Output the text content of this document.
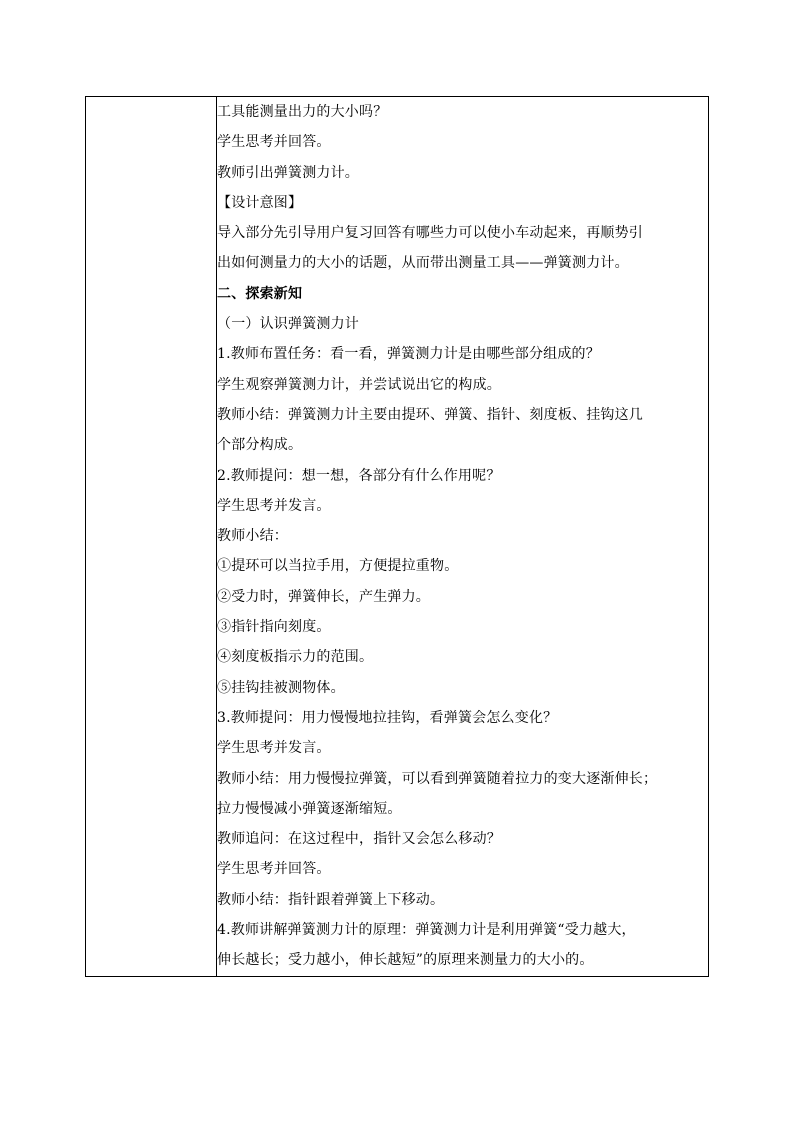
工具能测量出力的大小吗？
学生思考并回答。
教师引出弹簧测力计。
【设计意图】
导入部分先引导用户复习回答有哪些力可以使小车动起来，再顺势引
出如何测量力的大小的话题，从而带出测量工具——弹簧测力计。
二、探索新知
（一）认识弹簧测力计
1.教师布置任务：看一看，弹簧测力计是由哪些部分组成的？
学生观察弹簧测力计，并尝试说出它的构成。
教师小结：弹簧测力计主要由提环、弹簧、指针、刻度板、挂钩这几
个部分构成。
2.教师提问：想一想，各部分有什么作用呢？
学生思考并发言。
教师小结：
①提环可以当拉手用，方便提拉重物。
②受力时，弹簧伸长，产生弹力。
③指针指向刻度。
④刻度板指示力的范围。
⑤挂钩挂被测物体。
3.教师提问：用力慢慢地拉挂钩，看弹簧会怎么变化？
学生思考并发言。
教师小结：用力慢慢拉弹簧，可以看到弹簧随着拉力的变大逐渐伸长；
拉力慢慢减小弹簧逐渐缩短。
教师追问：在这过程中，指针又会怎么移动？
学生思考并回答。
教师小结：指针跟着弹簧上下移动。
4.教师讲解弹簧测力计的原理：弹簧测力计是利用弹簧“受力越大，
伸长越长；受力越小，伸长越短”的原理来测量力的大小的。
